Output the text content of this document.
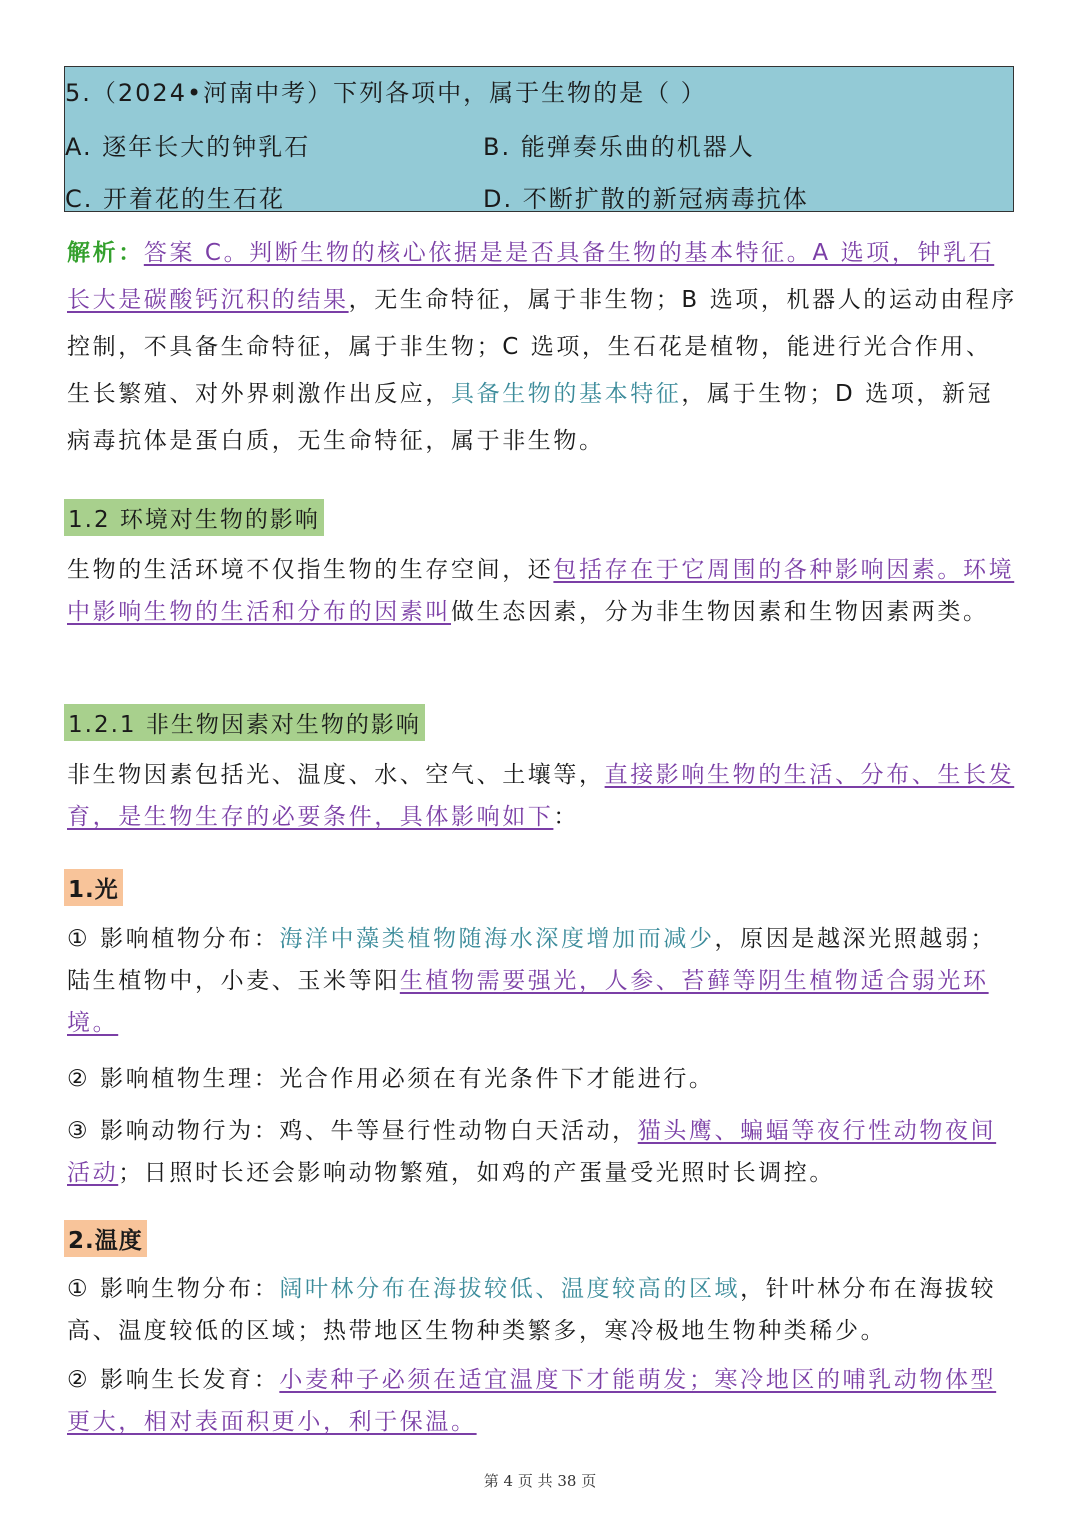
5.（2024•河南中考）下列各项中，属于生物的是（ ）
A. 逐年长大的钟乳石	B. 能弹奏乐曲的机器人
C. 开着花的生石花	D. 不断扩散的新冠病毒抗体
解析：答案 C。判断生物的核心依据是是否具备生物的基本特征。A 选项，钟乳石长大是碳酸钙沉积的结果，无生命特征，属于非生物；B 选项，机器人的运动由程序控制，不具备生命特征，属于非生物；C 选项，生石花是植物，能进行光合作用、生长繁殖、对外界刺激作出反应，具备生物的基本特征，属于生物；D 选项，新冠病毒抗体是蛋白质，无生命特征，属于非生物。
1.2 环境对生物的影响
生物的生活环境不仅指生物的生存空间，还包括存在于它周围的各种影响因素。环境中影响生物的生活和分布的因素叫做生态因素，分为非生物因素和生物因素两类。
1.2.1 非生物因素对生物的影响
非生物因素包括光、温度、水、空气、土壤等，直接影响生物的生活、分布、生长发育，是生物生存的必要条件，具体影响如下：
1.光
① 影响植物分布：海洋中藻类植物随海水深度增加而减少，原因是越深光照越弱；陆生植物中，小麦、玉米等阳生植物需要强光，人参、苔藓等阴生植物适合弱光环境。
② 影响植物生理：光合作用必须在有光条件下才能进行。
③ 影响动物行为：鸡、牛等昼行性动物白天活动，猫头鹰、蝙蝠等夜行性动物夜间活动；日照时长还会影响动物繁殖，如鸡的产蛋量受光照时长调控。
2.温度
① 影响生物分布：阔叶林分布在海拔较低、温度较高的区域，针叶林分布在海拔较高、温度较低的区域；热带地区生物种类繁多，寒冷极地生物种类稀少。
② 影响生长发育：小麦种子必须在适宜温度下才能萌发；寒冷地区的哺乳动物体型更大，相对表面积更小，利于保温。
第 4 页 共 38 页
